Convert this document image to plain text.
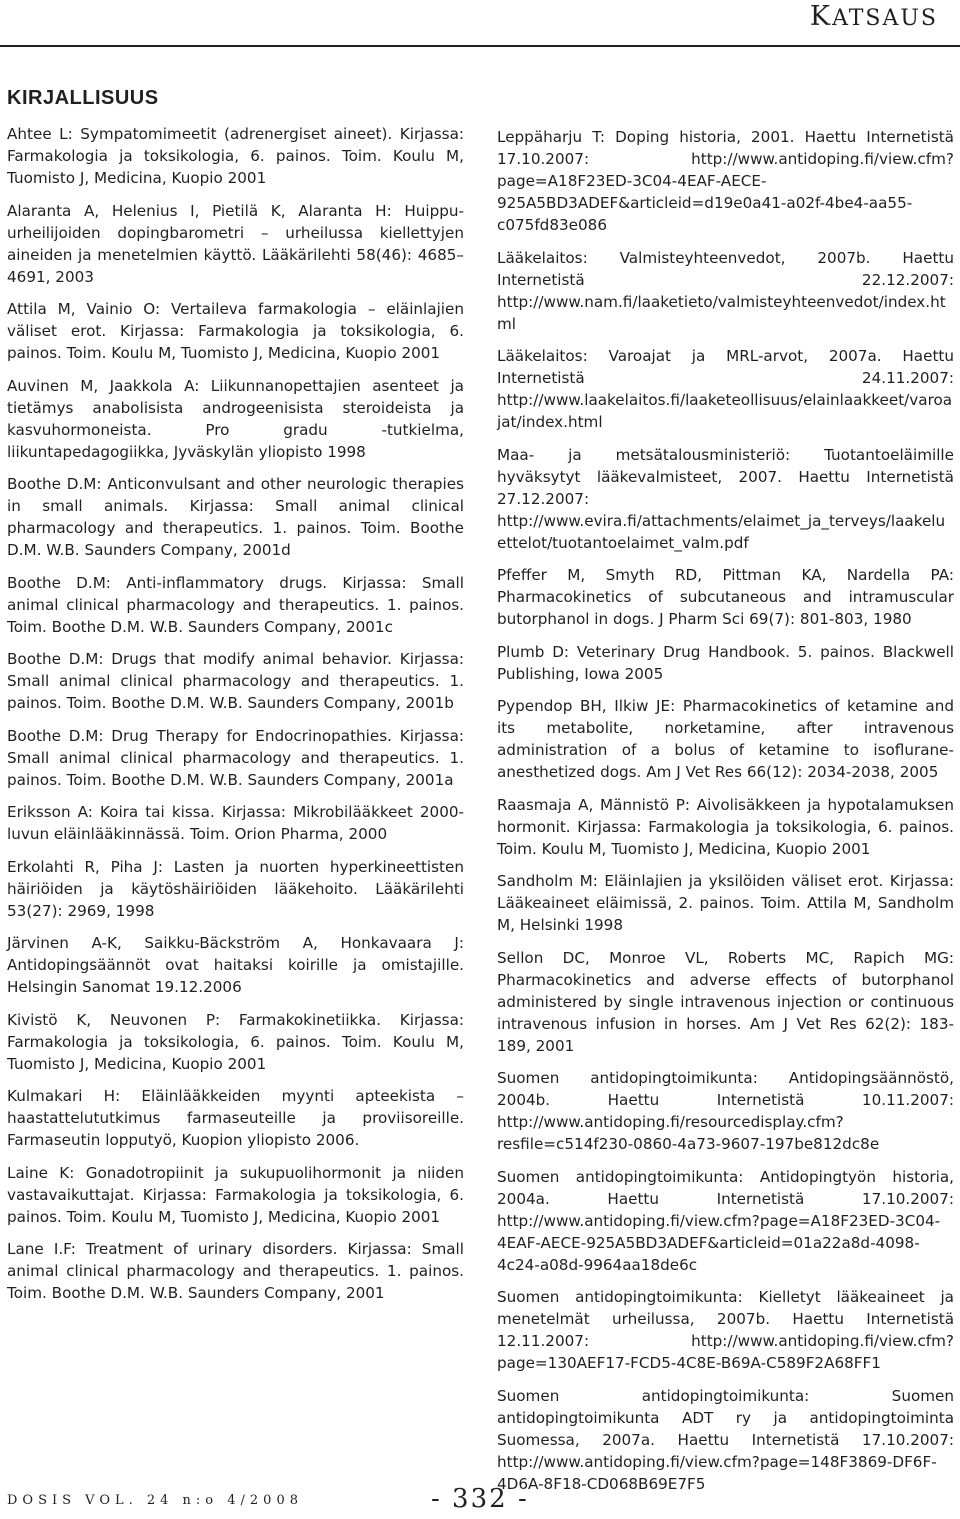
KATSAUS
KIRJALLISUUS

Ahtee L: Sympatomimeetit (adrenergiset aineet). Kirjassa: Farmakologia ja toksikologia, 6. painos. Toim. Koulu M, Tuomisto J, Medicina, Kuopio 2001

Alaranta A, Helenius I, Pietilä K, Alaranta H: Huippu-urheilijoiden dopingbarometri – urheilussa kiellettyjen aineiden ja menetelmien käyttö. Lääkärilehti 58(46): 4685–4691, 2003

Attila M, Vainio O: Vertaileva farmakologia – eläinlajien väliset erot. Kirjassa: Farmakologia ja toksikologia, 6. painos. Toim. Koulu M, Tuomisto J, Medicina, Kuopio 2001

Auvinen M, Jaakkola A: Liikunnanopettajien asenteet ja tietämys anabolisista androgeenisista steroideista ja kasvuhormoneista. Pro gradu -tutkielma, liikuntapedagogiikka, Jyväskylän yliopisto 1998

Boothe D.M: Anticonvulsant and other neurologic therapies in small animals. Kirjassa: Small animal clinical pharmacology and therapeutics. 1. painos. Toim. Boothe D.M. W.B. Saunders Company, 2001d

Boothe D.M: Anti-inflammatory drugs. Kirjassa: Small animal clinical pharmacology and therapeutics. 1. painos. Toim. Boothe D.M. W.B. Saunders Company, 2001c

Boothe D.M: Drugs that modify animal behavior. Kirjassa: Small animal clinical pharmacology and therapeutics. 1. painos. Toim. Boothe D.M. W.B. Saunders Company, 2001b

Boothe D.M: Drug Therapy for Endocrinopathies. Kirjassa: Small animal clinical pharmacology and therapeutics. 1. painos. Toim. Boothe D.M. W.B. Saunders Company, 2001a

Eriksson A: Koira tai kissa. Kirjassa: Mikrobilääkkeet 2000-luvun eläinlääkinnässä. Toim. Orion Pharma, 2000

Erkolahti R, Piha J: Lasten ja nuorten hyperkineettisten häiriöiden ja käytöshäiriöiden lääkehoito. Lääkärilehti 53(27): 2969, 1998

Järvinen A-K, Saikku-Bäckström A, Honkavaara J: Antidopingsäännöt ovat haitaksi koirille ja omistajille. Helsingin Sanomat 19.12.2006

Kivistö K, Neuvonen P: Farmakokinetiikka. Kirjassa: Farmakologia ja toksikologia, 6. painos. Toim. Koulu M, Tuomisto J, Medicina, Kuopio 2001

Kulmakari H: Eläinlääkkeiden myynti apteekista – haastattelututkimus farmaseuteille ja proviisoreille. Farmaseutin lopputyö, Kuopion yliopisto 2006.

Laine K: Gonadotropiinit ja sukupuolihormonit ja niiden vastavaikuttajat. Kirjassa: Farmakologia ja toksikologia, 6. painos. Toim. Koulu M, Tuomisto J, Medicina, Kuopio 2001

Lane I.F: Treatment of urinary disorders. Kirjassa: Small animal clinical pharmacology and therapeutics. 1. painos. Toim. Boothe D.M. W.B. Saunders Company, 2001

Leppäharju T: Doping historia, 2001. Haettu Internetistä 17.10.2007: http://www.antidoping.fi/view.cfm?page=A18F23ED-3C04-4EAF-AECE-925A5BD3ADEF&articleid=d19e0a41-a02f-4be4-aa55-c075fd83e086

Lääkelaitos: Valmisteyhteenvedot, 2007b. Haettu Internetistä 22.12.2007: http://www.nam.fi/laaketieto/valmisteyhteenvedot/index.html

Lääkelaitos: Varoajat ja MRL-arvot, 2007a. Haettu Internetistä 24.11.2007: http://www.laakelaitos.fi/laaketeollisuus/elainlaakkeet/varoajat/index.html

Maa- ja metsätalousministeriö: Tuotantoeläimille hyväksytyt lääkevalmisteet, 2007. Haettu Internetistä 27.12.2007: http://www.evira.fi/attachments/elaimet_ja_terveys/laakeluettelot/tuotantoelaimet_valm.pdf

Pfeffer M, Smyth RD, Pittman KA, Nardella PA: Pharmacokinetics of subcutaneous and intramuscular butorphanol in dogs. J Pharm Sci 69(7): 801-803, 1980

Plumb D: Veterinary Drug Handbook. 5. painos. Blackwell Publishing, Iowa 2005

Pypendop BH, Ilkiw JE: Pharmacokinetics of ketamine and its metabolite, norketamine, after intravenous administration of a bolus of ketamine to isoflurane-anesthetized dogs. Am J Vet Res 66(12): 2034-2038, 2005

Raasmaja A, Männistö P: Aivolisäkkeen ja hypotalamuksen hormonit. Kirjassa: Farmakologia ja toksikologia, 6. painos. Toim. Koulu M, Tuomisto J, Medicina, Kuopio 2001

Sandholm M: Eläinlajien ja yksilöiden väliset erot. Kirjassa: Lääkeaineet eläimissä, 2. painos. Toim. Attila M, Sandholm M, Helsinki 1998

Sellon DC, Monroe VL, Roberts MC, Rapich MG: Pharmacokinetics and adverse effects of butorphanol administered by single intravenous injection or continuous intravenous infusion in horses. Am J Vet Res 62(2): 183-189, 2001

Suomen antidopingtoimikunta: Antidopingsäännöstö, 2004b. Haettu Internetistä 10.11.2007: http://www.antidoping.fi/resourcedisplay.cfm?resfile=c514f230-0860-4a73-9607-197be812dc8e

Suomen antidopingtoimikunta: Antidopingtyön historia, 2004a. Haettu Internetistä 17.10.2007: http://www.antidoping.fi/view.cfm?page=A18F23ED-3C04-4EAF-AECE-925A5BD3ADEF&articleid=01a22a8d-4098-4c24-a08d-9964aa18de6c

Suomen antidopingtoimikunta: Kielletyt lääkeaineet ja menetelmät urheilussa, 2007b. Haettu Internetistä 12.11.2007: http://www.antidoping.fi/view.cfm?page=130AEF17-FCD5-4C8E-B69A-C589F2A68FF1

Suomen antidopingtoimikunta: Suomen antidopingtoimikunta ADT ry ja antidopingtoiminta Suomessa, 2007a. Haettu Internetistä 17.10.2007: http://www.antidoping.fi/view.cfm?page=148F3869-DF6F-4D6A-8F18-CD068B69E7F5

DOSIS VOL. 24 n:o 4/2008	- 332 -
